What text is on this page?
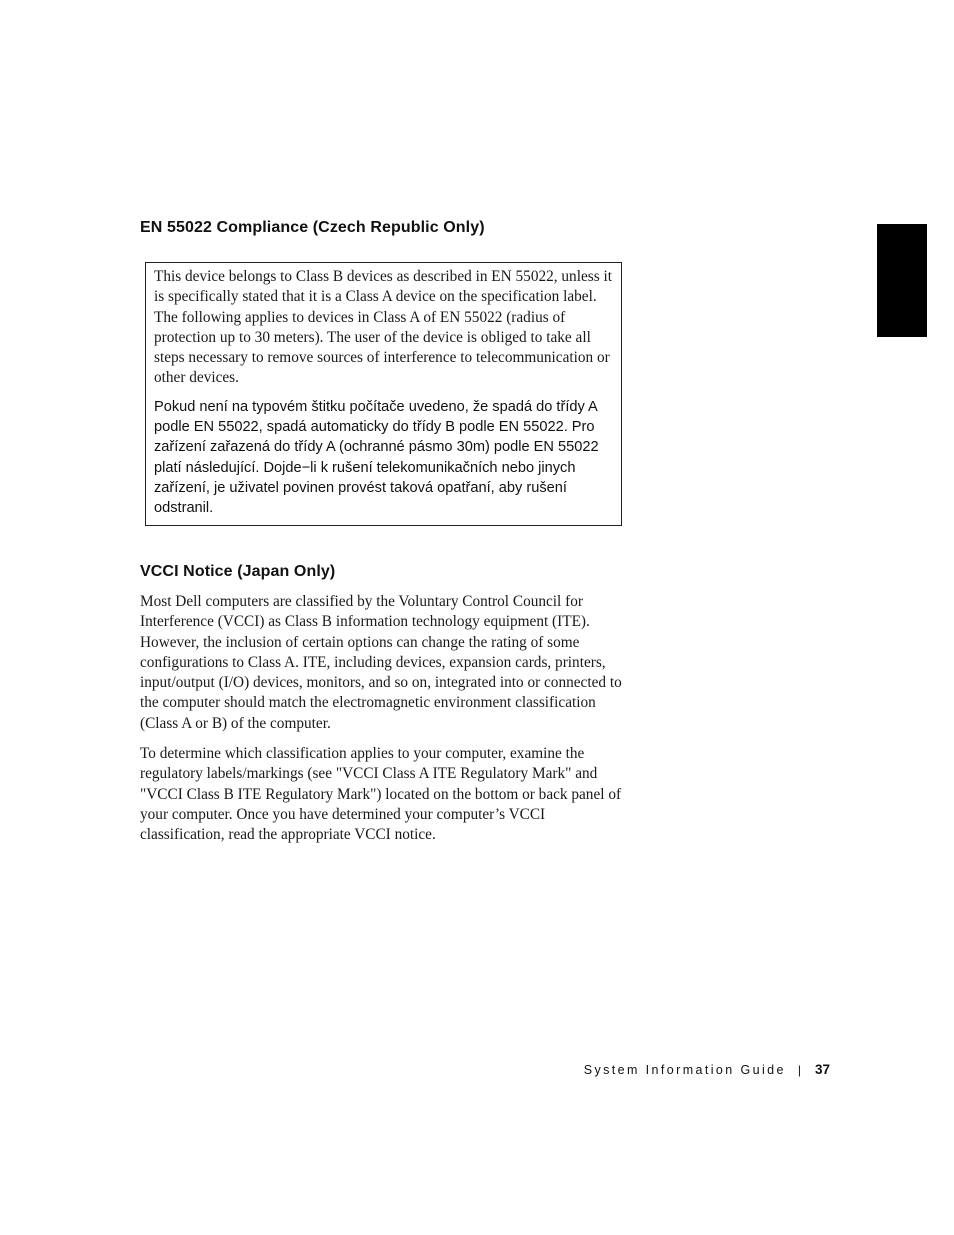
EN 55022 Compliance (Czech Republic Only)

This device belongs to Class B devices as described in EN 55022, unless it is specifically stated that it is a Class A device on the specification label. The following applies to devices in Class A of EN 55022 (radius of protection up to 30 meters). The user of the device is obliged to take all steps necessary to remove sources of interference to telecommunication or other devices.

Pokud není na typovém štitku počítače uvedeno, že spadá do třídy A podle EN 55022, spadá automaticky do třídy B podle EN 55022. Pro zařízení zařazená do třídy A (ochranné pásmo 30m) podle EN 55022 platí následující. Dojde−li k rušení telekomunikačních nebo jinych zařízení, je uživatel povinen provést taková opatřaní, aby rušení odstranil.

VCCI Notice (Japan Only)

Most Dell computers are classified by the Voluntary Control Council for Interference (VCCI) as Class B information technology equipment (ITE). However, the inclusion of certain options can change the rating of some configurations to Class A. ITE, including devices, expansion cards, printers, input/output (I/O) devices, monitors, and so on, integrated into or connected to the computer should match the electromagnetic environment classification (Class A or B) of the computer.

To determine which classification applies to your computer, examine the regulatory labels/markings (see "VCCI Class A ITE Regulatory Mark" and "VCCI Class B ITE Regulatory Mark") located on the bottom or back panel of your computer. Once you have determined your computer’s VCCI classification, read the appropriate VCCI notice.

System Information Guide | 37
